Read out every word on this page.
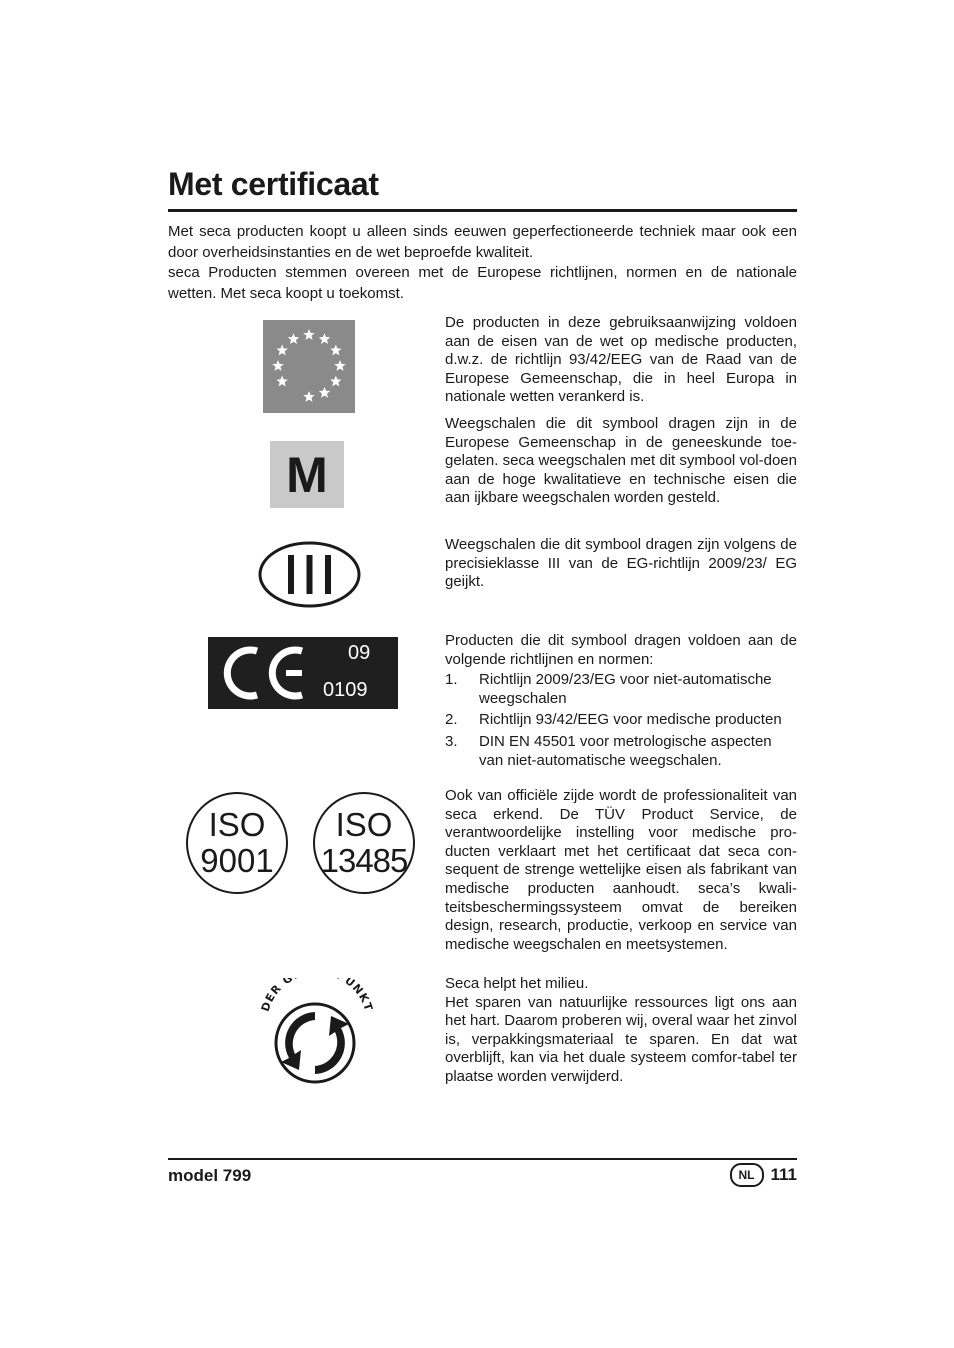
Met certificaat

Met seca producten koopt u alleen sinds eeuwen geperfectioneerde techniek maar ook een door overheidsinstanties en de wet beproefde kwaliteit.

seca Producten stemmen overeen met de Europese richtlijnen, normen en de nationale wetten. Met seca koopt u toekomst.

De producten in deze gebruiksaanwijzing voldoen aan de eisen van de wet op medische producten, d.w.z. de richtlijn 93/42/EEG van de Raad van de Europese Gemeenschap, die in heel Europa in nationale wetten verankerd is.
M
Weegschalen die dit symbool dragen zijn in de Europese Gemeenschap in de geneeskunde toe-gelaten. seca weegschalen met dit symbool vol-doen aan de hoge kwalitatieve en technische eisen die aan ijkbare weegschalen worden gesteld.
Weegschalen die dit symbool dragen zijn volgens de precisieklasse III van de EG-richtlijn 2009/23/ EG geijkt.
09
0109

Producten die dit symbool dragen voldoen aan de volgende richtlijnen en normen:

1. Richtlijn 2009/23/EG voor niet-automatische weegschalen
2. Richtlijn 93/42/EEG voor medische producten
3. DIN EN 45501 voor metrologische aspecten van niet-automatische weegschalen.
ISO
9001
ISO
13485
Ook van officiële zijde wordt de professionaliteit van seca erkend. De TÜV Product Service, de verantwoordelijke instelling voor medische pro-ducten verklaart met het certificaat dat seca con-sequent de strenge wettelijke eisen als fabrikant van medische producten aanhoudt. seca’s kwali-teitsbeschermingssysteem omvat de bereiken design, research, productie, verkoop en service van medische weegschalen en meetsystemen.
DER G UNKT

Seca helpt het milieu.

Het sparen van natuurlijke ressources ligt ons aan het hart. Daarom proberen wij, overal waar het zinvol is, verpakkingsmateriaal te sparen. En dat wat overblijft, kan via het duale systeem comfor-tabel ter plaatse worden verwijderd.

model 799	NL 111
